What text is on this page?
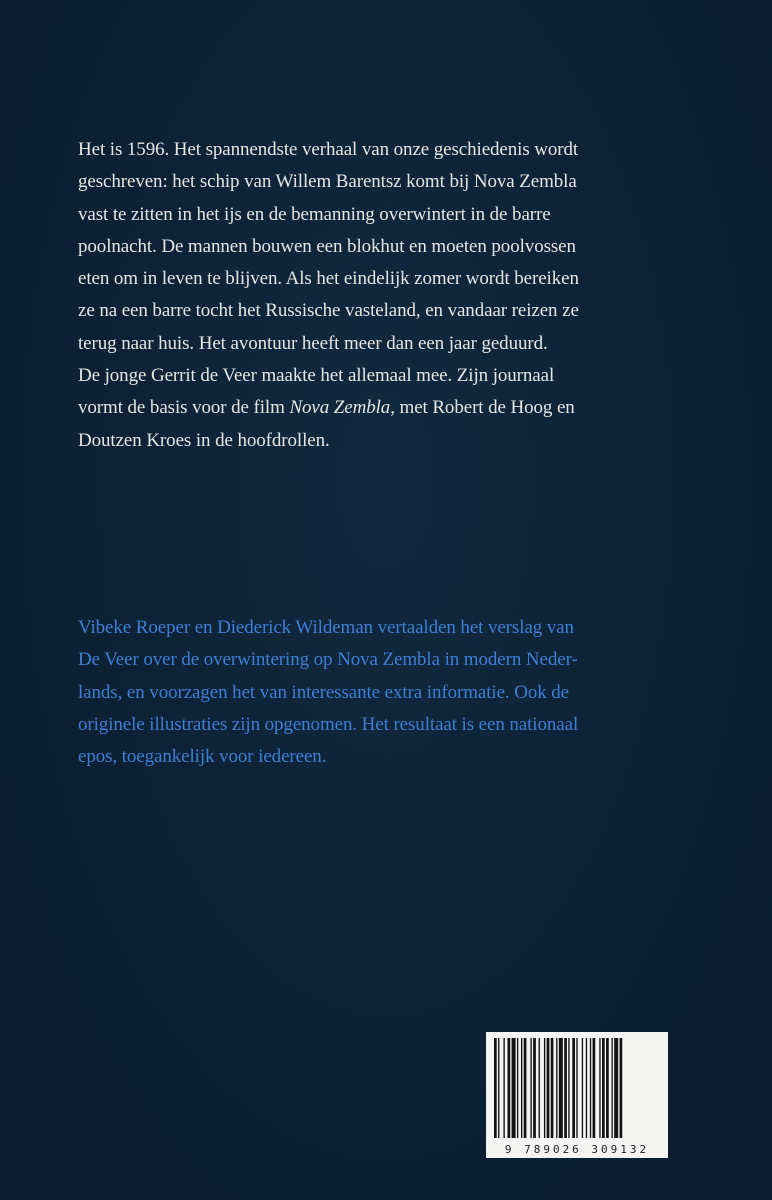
Het is 1596. Het spannendste verhaal van onze geschiedenis wordt
geschreven: het schip van Willem Barentsz komt bij Nova Zembla
vast te zitten in het ijs en de bemanning overwintert in de barre
poolnacht. De mannen bouwen een blokhut en moeten poolvossen
eten om in leven te blijven. Als het eindelijk zomer wordt bereiken
ze na een barre tocht het Russische vasteland, en vandaar reizen ze
terug naar huis. Het avontuur heeft meer dan een jaar geduurd.
De jonge Gerrit de Veer maakte het allemaal mee. Zijn journaal
vormt de basis voor de film Nova Zembla, met Robert de Hoog en
Doutzen Kroes in de hoofdrollen.

Vibeke Roeper en Diederick Wildeman vertaalden het verslag van
De Veer over de overwintering op Nova Zembla in modern Neder-
lands, en voorzagen het van interessante extra informatie. Ook de
originele illustraties zijn opgenomen. Het resultaat is een nationaal
epos, toegankelijk voor iedereen.

9 789026 309132
